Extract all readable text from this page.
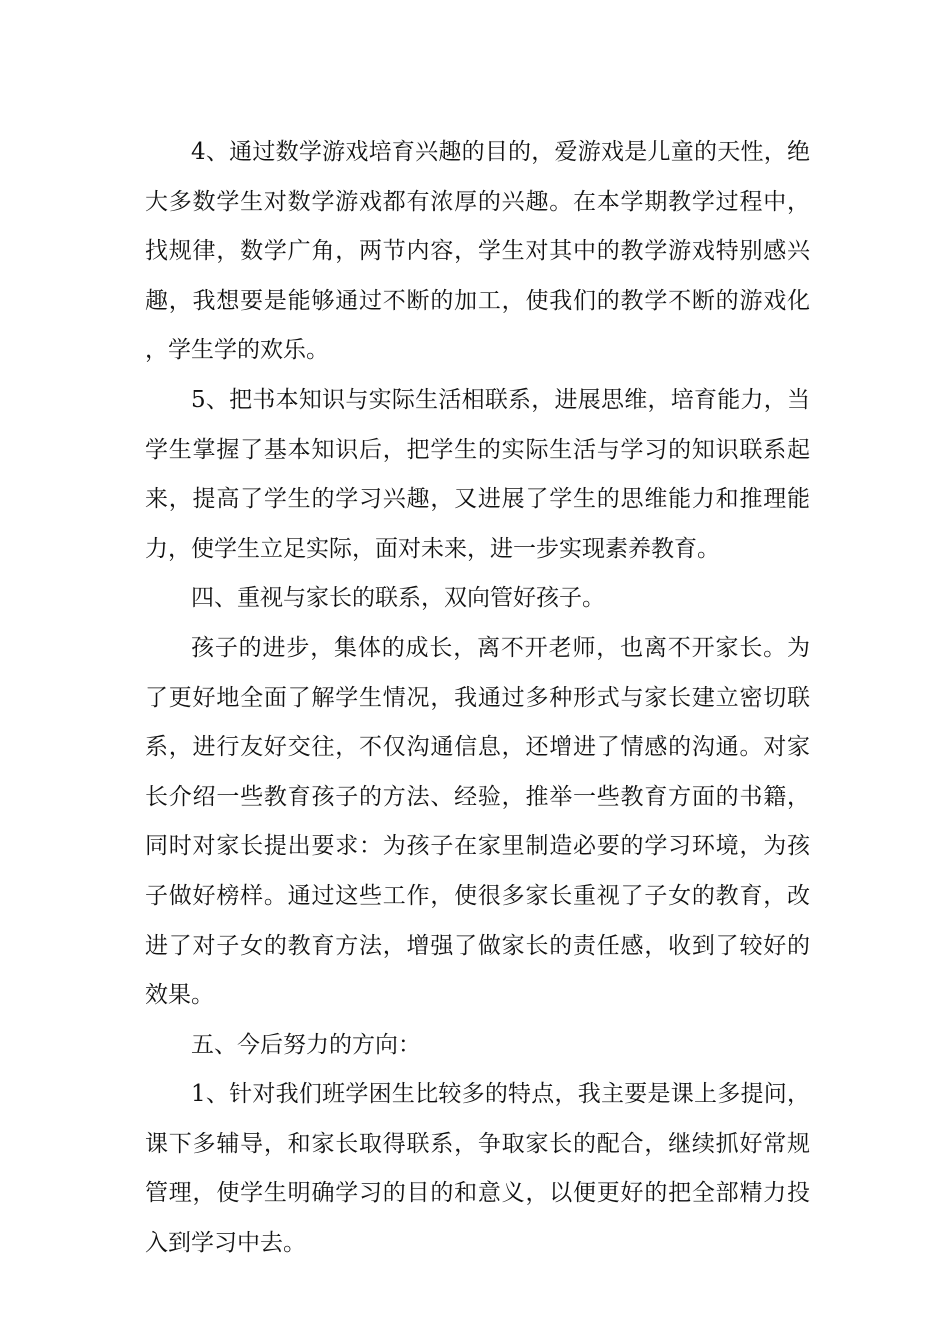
4、通过数学游戏培育兴趣的目的，爱游戏是儿童的天性，绝大多数学生对数学游戏都有浓厚的兴趣。在本学期教学过程中，找规律，数学广角，两节内容，学生对其中的教学游戏特别感兴趣，我想要是能够通过不断的加工，使我们的教学不断的游戏化，学生学的欢乐。

5、把书本知识与实际生活相联系，进展思维，培育能力，当学生掌握了基本知识后，把学生的实际生活与学习的知识联系起来，提高了学生的学习兴趣，又进展了学生的思维能力和推理能力，使学生立足实际，面对未来，进一步实现素养教育。

四、重视与家长的联系，双向管好孩子。

孩子的进步，集体的成长，离不开老师，也离不开家长。为了更好地全面了解学生情况，我通过多种形式与家长建立密切联系，进行友好交往，不仅沟通信息，还增进了情感的沟通。对家长介绍一些教育孩子的方法、经验，推举一些教育方面的书籍，同时对家长提出要求：为孩子在家里制造必要的学习环境，为孩子做好榜样。通过这些工作，使很多家长重视了子女的教育，改进了对子女的教育方法，增强了做家长的责任感，收到了较好的效果。

五、今后努力的方向：

1、针对我们班学困生比较多的特点，我主要是课上多提问，课下多辅导，和家长取得联系，争取家长的配合，继续抓好常规管理，使学生明确学习的目的和意义，以便更好的把全部精力投入到学习中去。
